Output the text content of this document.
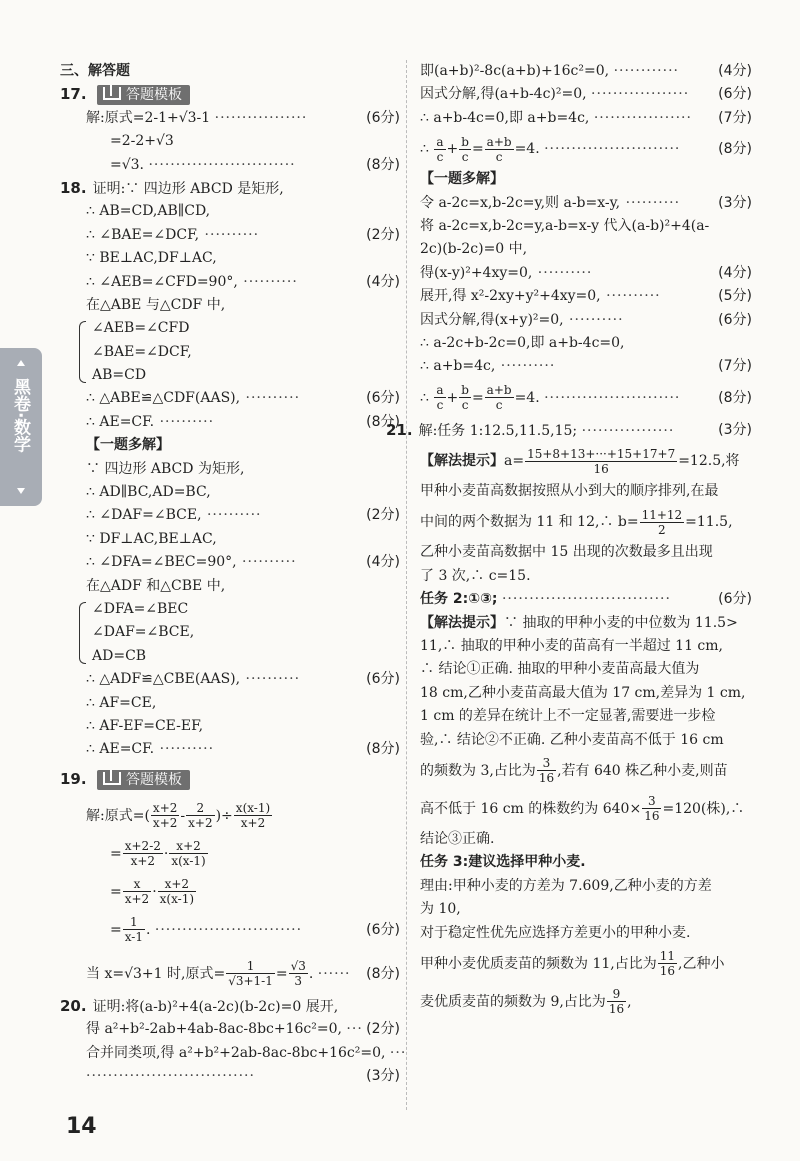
黑卷·数学
三、解答题
17.	答题模板
解:原式=2-1+√3-1 ·················	(6分)
=2-2+√3
=√3. ···························	(8分)
18. 证明:∵ 四边形 ABCD 是矩形,
∴ AB=CD,AB∥CD,
∴ ∠BAE=∠DCF, ··········	(2分)
∵ BE⊥AC,DF⊥AC,
∴ ∠AEB=∠CFD=90°, ··········	(4分)
在△ABE 与△CDF 中,
∠AEB=∠CFD
∠BAE=∠DCF,
AB=CD
∴ △ABE≌△CDF(AAS), ··········	(6分)
∴ AE=CF. ··········	(8分)
【一题多解】
∵ 四边形 ABCD 为矩形,
∴ AD∥BC,AD=BC,
∴ ∠DAF=∠BCE, ··········	(2分)
∵ DF⊥AC,BE⊥AC,
∴ ∠DFA=∠BEC=90°, ··········	(4分)
在△ADF 和△CBE 中,
∠DFA=∠BEC
∠DAF=∠BCE,
AD=CB
∴ △ADF≌△CBE(AAS), ··········	(6分)
∴ AF=CE,
∴ AF-EF=CE-EF,
∴ AE=CF. ··········	(8分)
19.	答题模板
解:原式=( $\frac{x+2}{x+2} - \frac{2}{x+2}$ )÷ $\frac{x(x-1)}{x+2}$
= $\frac{x+2-2}{x+2} \cdot \frac{x+2}{x(x-1)}$
= $\frac{x}{x+2} \cdot \frac{x+2}{x(x-1)}$
= $\frac{1}{x-1}$ . ···························	(6分)
当 x=√3+1 时,原式= $\frac{1}{√3+1-1} = \frac{√3}{3}$ . ······ (8分)
20. 证明:将(a-b)²+4(a-2c)(b-2c)=0 展开,
得 a²+b²-2ab+4ab-8ac-8bc+16c²=0, ··· (2分)
合并同类项,得 a²+b²+2ab-8ac-8bc+16c²=0, ···
·······························	(3分)
即(a+b)²-8c(a+b)+16c²=0, ············	(4分)
因式分解,得(a+b-4c)²=0, ·················· (6分)
∴ a+b-4c=0,即 a+b=4c, ·················· (7分)
∴ $\frac{a}{c} + \frac{b}{c} = \frac{a+b}{c} =4$. ·························	(8分)
【一题多解】
令 a-2c=x,b-2c=y,则 a-b=x-y, ··········	(3分)
将 a-2c=x,b-2c=y,a-b=x-y 代入(a-b)²+4(a-
2c)(b-2c)=0 中,
得(x-y)²+4xy=0, ··········	(4分)
展开,得 x²-2xy+y²+4xy=0, ··········	(5分)
因式分解,得(x+y)²=0, ··········	(6分)
∴ a-2c+b-2c=0,即 a+b-4c=0,
∴ a+b=4c, ··········	(7分)
∴ $\frac{a}{c} + \frac{b}{c} = \frac{a+b}{c} =4$. ·························	(8分)
21. 解:任务 1:12.5,11.5,15; ·················	(3分)
【解法提示】$a= \frac{15+8+13+\cdot\cdot\cdot+15+17+7}{16} =12.5$,将
甲种小麦苗高数据按照从小到大的顺序排列,在最
中间的两个数据为 11 和 12,∴ $b= \frac{11+12}{2} =11.5$,
乙种小麦苗高数据中 15 出现的次数最多且出现
了 3 次,∴ c=15.
任务 2:①③; ·······························	(6分)
【解法提示】∵ 抽取的甲种小麦的中位数为 11.5>
11,∴ 抽取的甲种小麦的苗高有一半超过 11 cm,
∴ 结论①正确. 抽取的甲种小麦苗高最大值为
18 cm,乙种小麦苗高最大值为 17 cm,差异为 1 cm,
1 cm 的差异在统计上不一定显著,需要进一步检
验,∴ 结论②不正确. 乙种小麦苗高不低于 16 cm
的频数为 3,占比为 $\frac{3}{16}$ ,若有 640 株乙种小麦,则苗
高不低于 16 cm 的株数约为 $640\times \frac{3}{16} =120$(株),∴
结论③正确.
任务 3:建议选择甲种小麦.
理由:甲种小麦的方差为 7.609,乙种小麦的方差
为 10,
对于稳定性优先应选择方差更小的甲种小麦.
甲种小麦优质麦苗的频数为 11,占比为 $\frac{11}{16}$ ,乙种小
麦优质麦苗的频数为 9,占比为 $\frac{9}{16}$ ,
14
